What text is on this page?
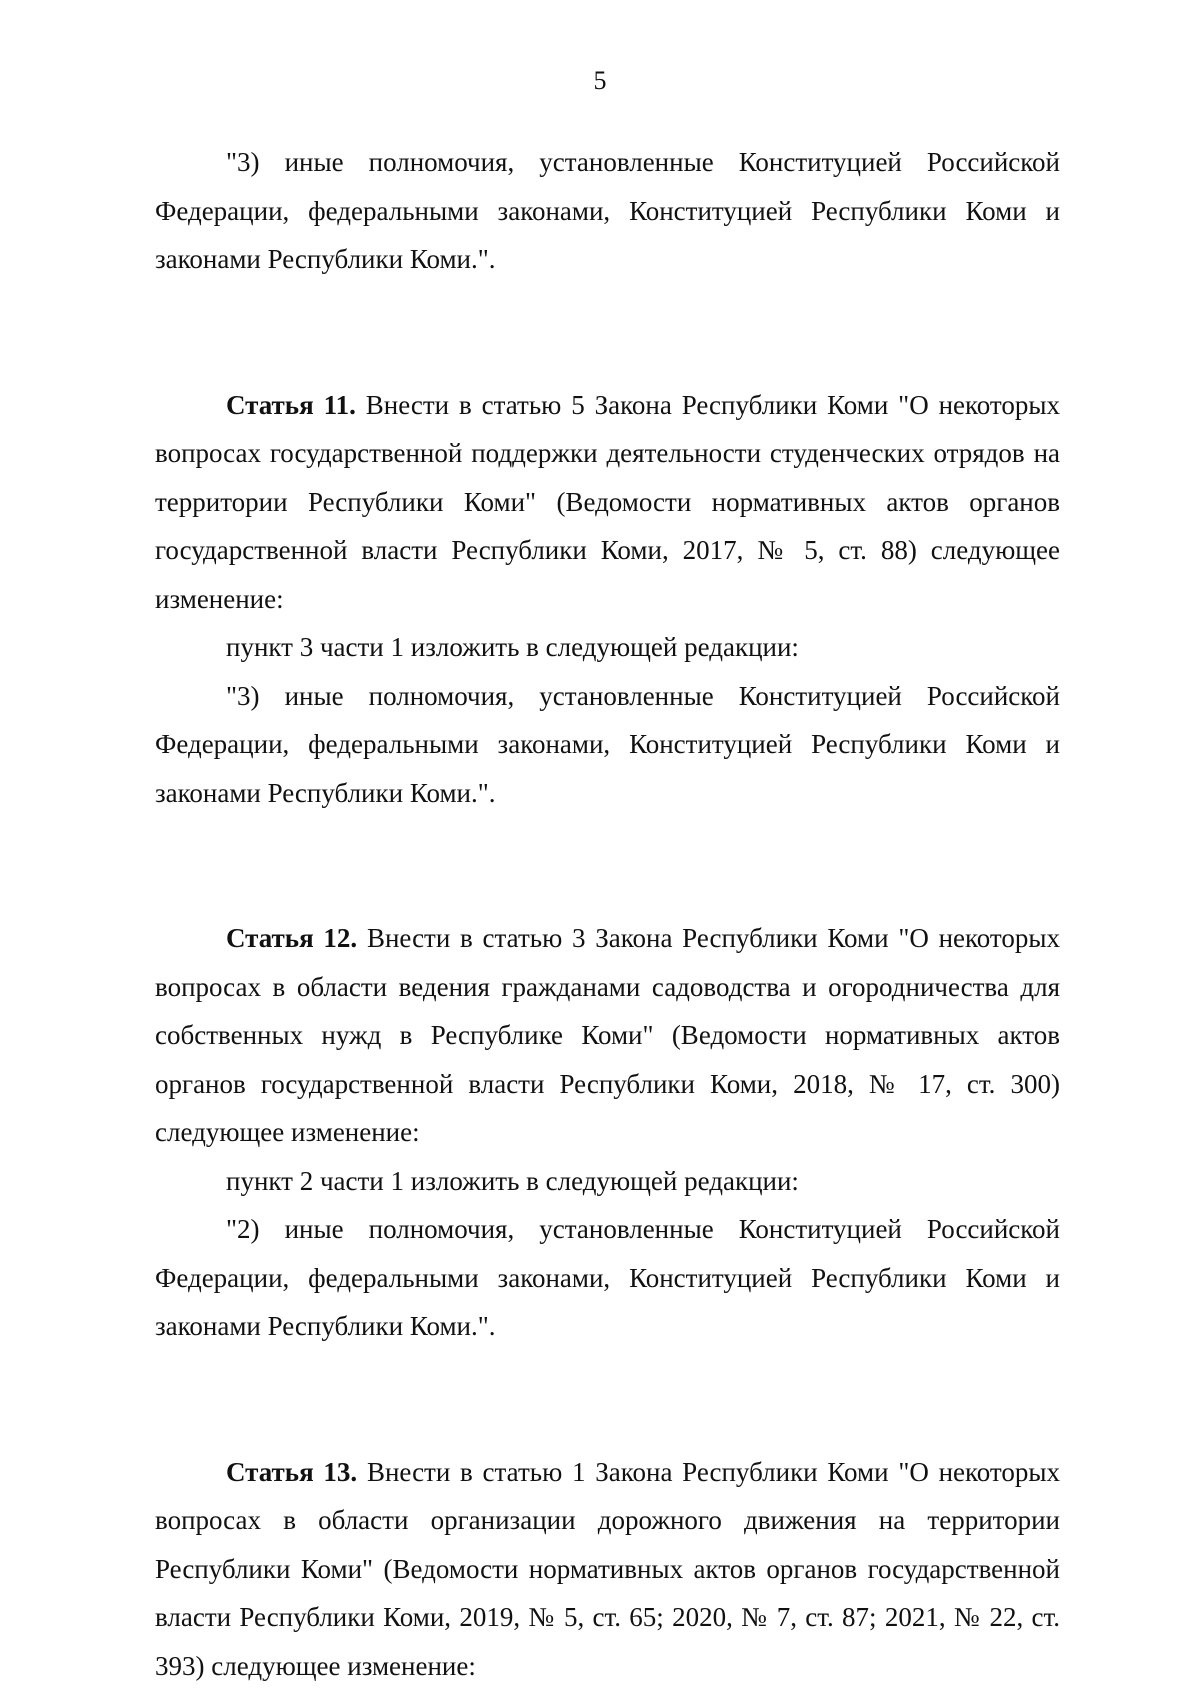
5

"3) иные полномочия, установленные Конституцией Российской Федерации, федеральными законами, Конституцией Республики Коми и законами Республики Коми.".

Статья 11. Внести в статью 5 Закона Республики Коми "О некоторых вопросах государственной поддержки деятельности студенческих отрядов на территории Республики Коми" (Ведомости нормативных актов органов государственной власти Республики Коми, 2017, № 5, ст. 88) следующее изменение:

пункт 3 части 1 изложить в следующей редакции:

"3) иные полномочия, установленные Конституцией Российской Федерации, федеральными законами, Конституцией Республики Коми и законами Республики Коми.".

Статья 12. Внести в статью 3 Закона Республики Коми "О некоторых вопросах в области ведения гражданами садоводства и огородничества для собственных нужд в Республике Коми" (Ведомости нормативных актов органов государственной власти Республики Коми, 2018, № 17, ст. 300) следующее изменение:

пункт 2 части 1 изложить в следующей редакции:

"2) иные полномочия, установленные Конституцией Российской Федерации, федеральными законами, Конституцией Республики Коми и законами Республики Коми.".

Статья 13. Внести в статью 1 Закона Республики Коми "О некоторых вопросах в области организации дорожного движения на территории Республики Коми" (Ведомости нормативных актов органов государственной власти Республики Коми, 2019, № 5, ст. 65; 2020, № 7, ст. 87; 2021, № 22, ст. 393) следующее изменение:
